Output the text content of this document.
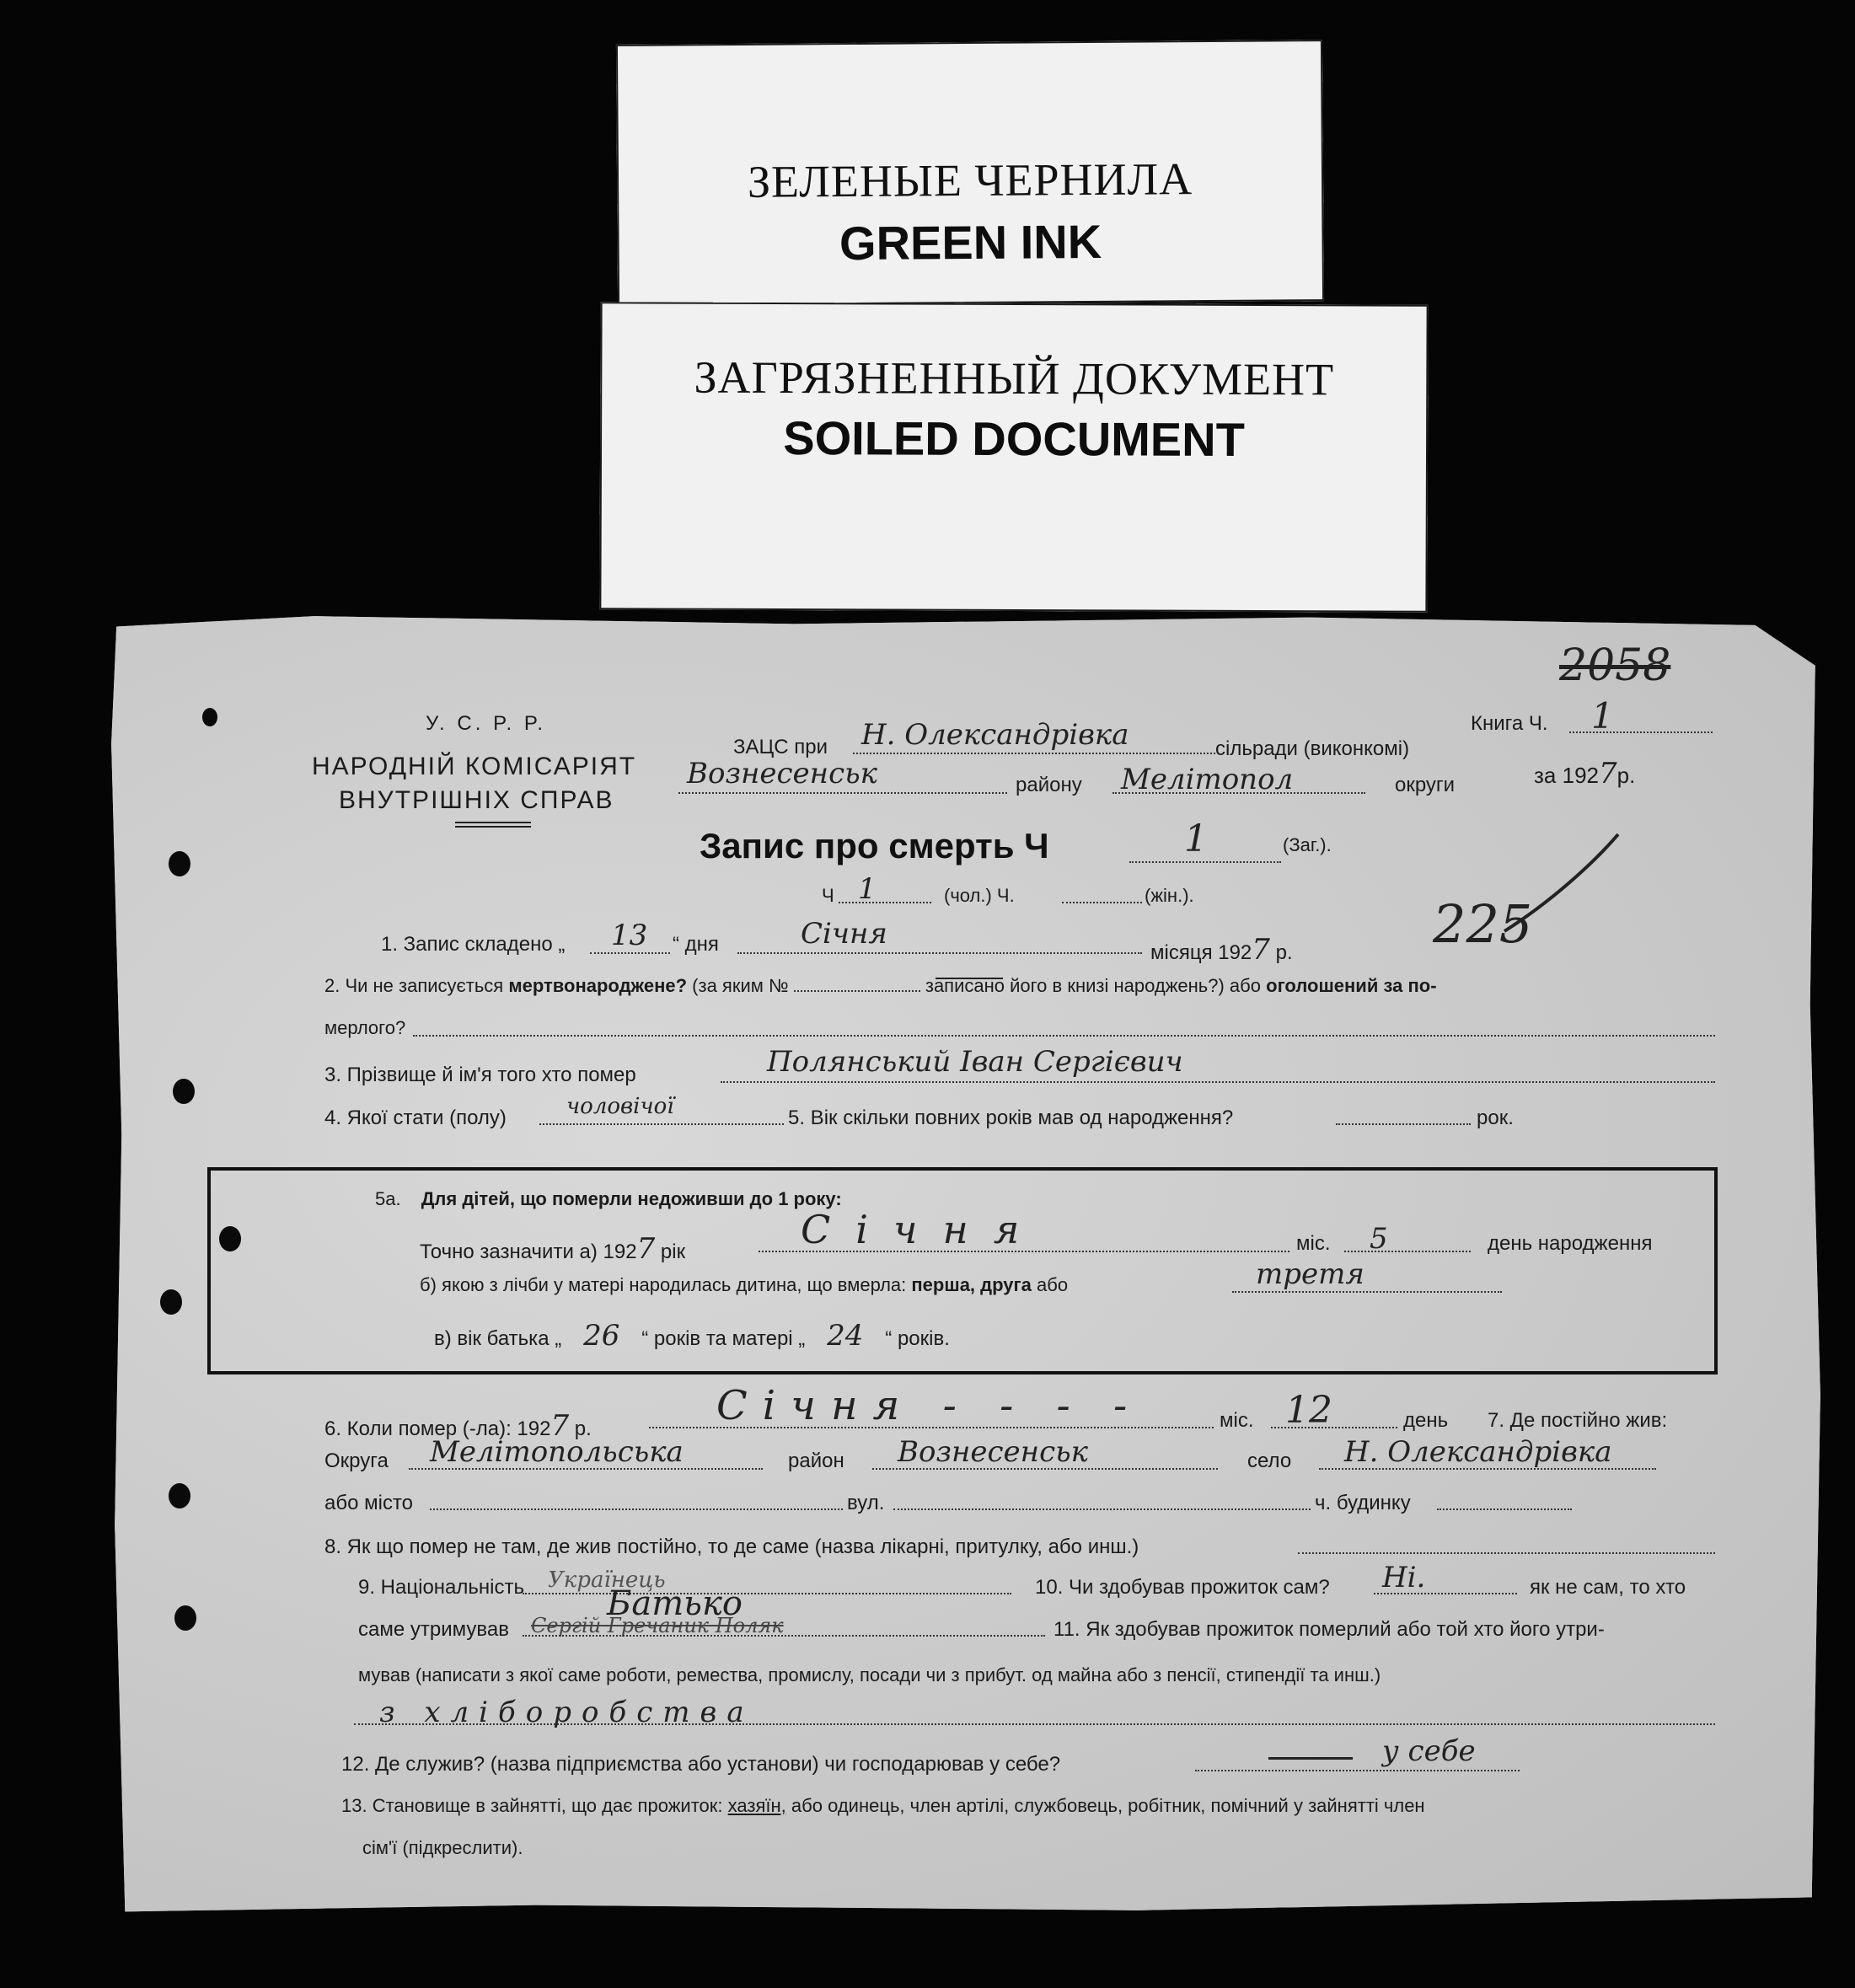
ЗЕЛЕНЫЕ ЧЕРНИЛА
GREEN INK
ЗАГРЯЗНЕННЫЙ ДОКУМЕНТ
SOILED DOCUMENT
У. С. Р. Р.
НАРОДНІЙ КОМІСАРІЯТ
ВНУТРІШНІХ СПРАВ
ЗАЦС при Н. Олександрівка	сільради (виконкомі)
Книга Ч. 1
2058
Вознесенськ	району Мелітопол	округи	за 1927р.
Запис про смерть Ч	1	(Заг.).
Ч 1	(чол.) Ч.	(жін.).	225
1. Запис складено „ 13 “ дня	Січня
місяця 1927 р.
2. Чи не записується мертвонароджене? (за яким №	записано його в книзі народжень?) або оголошений за по-
мерлого?
3. Прізвище й ім'я того хто помер	Полянський Іван Сергієвич
4. Якої стати (полу)	чоловічої	5. Вік скільки повних років мав од народження?	рок.
5а. Для дітей, що померли недоживши до 1 року:
Точно зазначити а) 1927 рік	Січня	міс. 5	день народження
б) якою з лічби у матері народилась дитина, що вмерла: перша, друга або	третя
в) вік батька „ 26 “ років та матері „ 24 “ років.
6. Коли помер (-ла): 1927 р.	Січня - - - -	міс. 12	день 7. Де постійно жив:
Округа Мелітопольська	район Вознесенськ	село Н. Олександрівка
або місто	вул.	ч. будинку
8. Як що помер не там, де жив постійно, то де саме (назва лікарні, притулку, або инш.)
9. Національність Українець	10. Чи здобував прожиток сам? Ні.	як не сам, то хто
саме утримував Сергій Гречаник Поляк
Батько
11. Як здобував прожиток померлий або той хто його утри-
мував (написати з якої саме роботи, ремества, промислу, посади чи з прибут. од майна або з пенсії, стипендії та инш.)
з хліборобства
12. Де служив? (назва підприємства або установи) чи господарював у себе?	у себе
13. Становище в зайнятті, що дає прожиток: хазяїн, або одинець, член артілі, службовець, робітник, помічний у зайнятті член
сім'ї (підкреслити).
